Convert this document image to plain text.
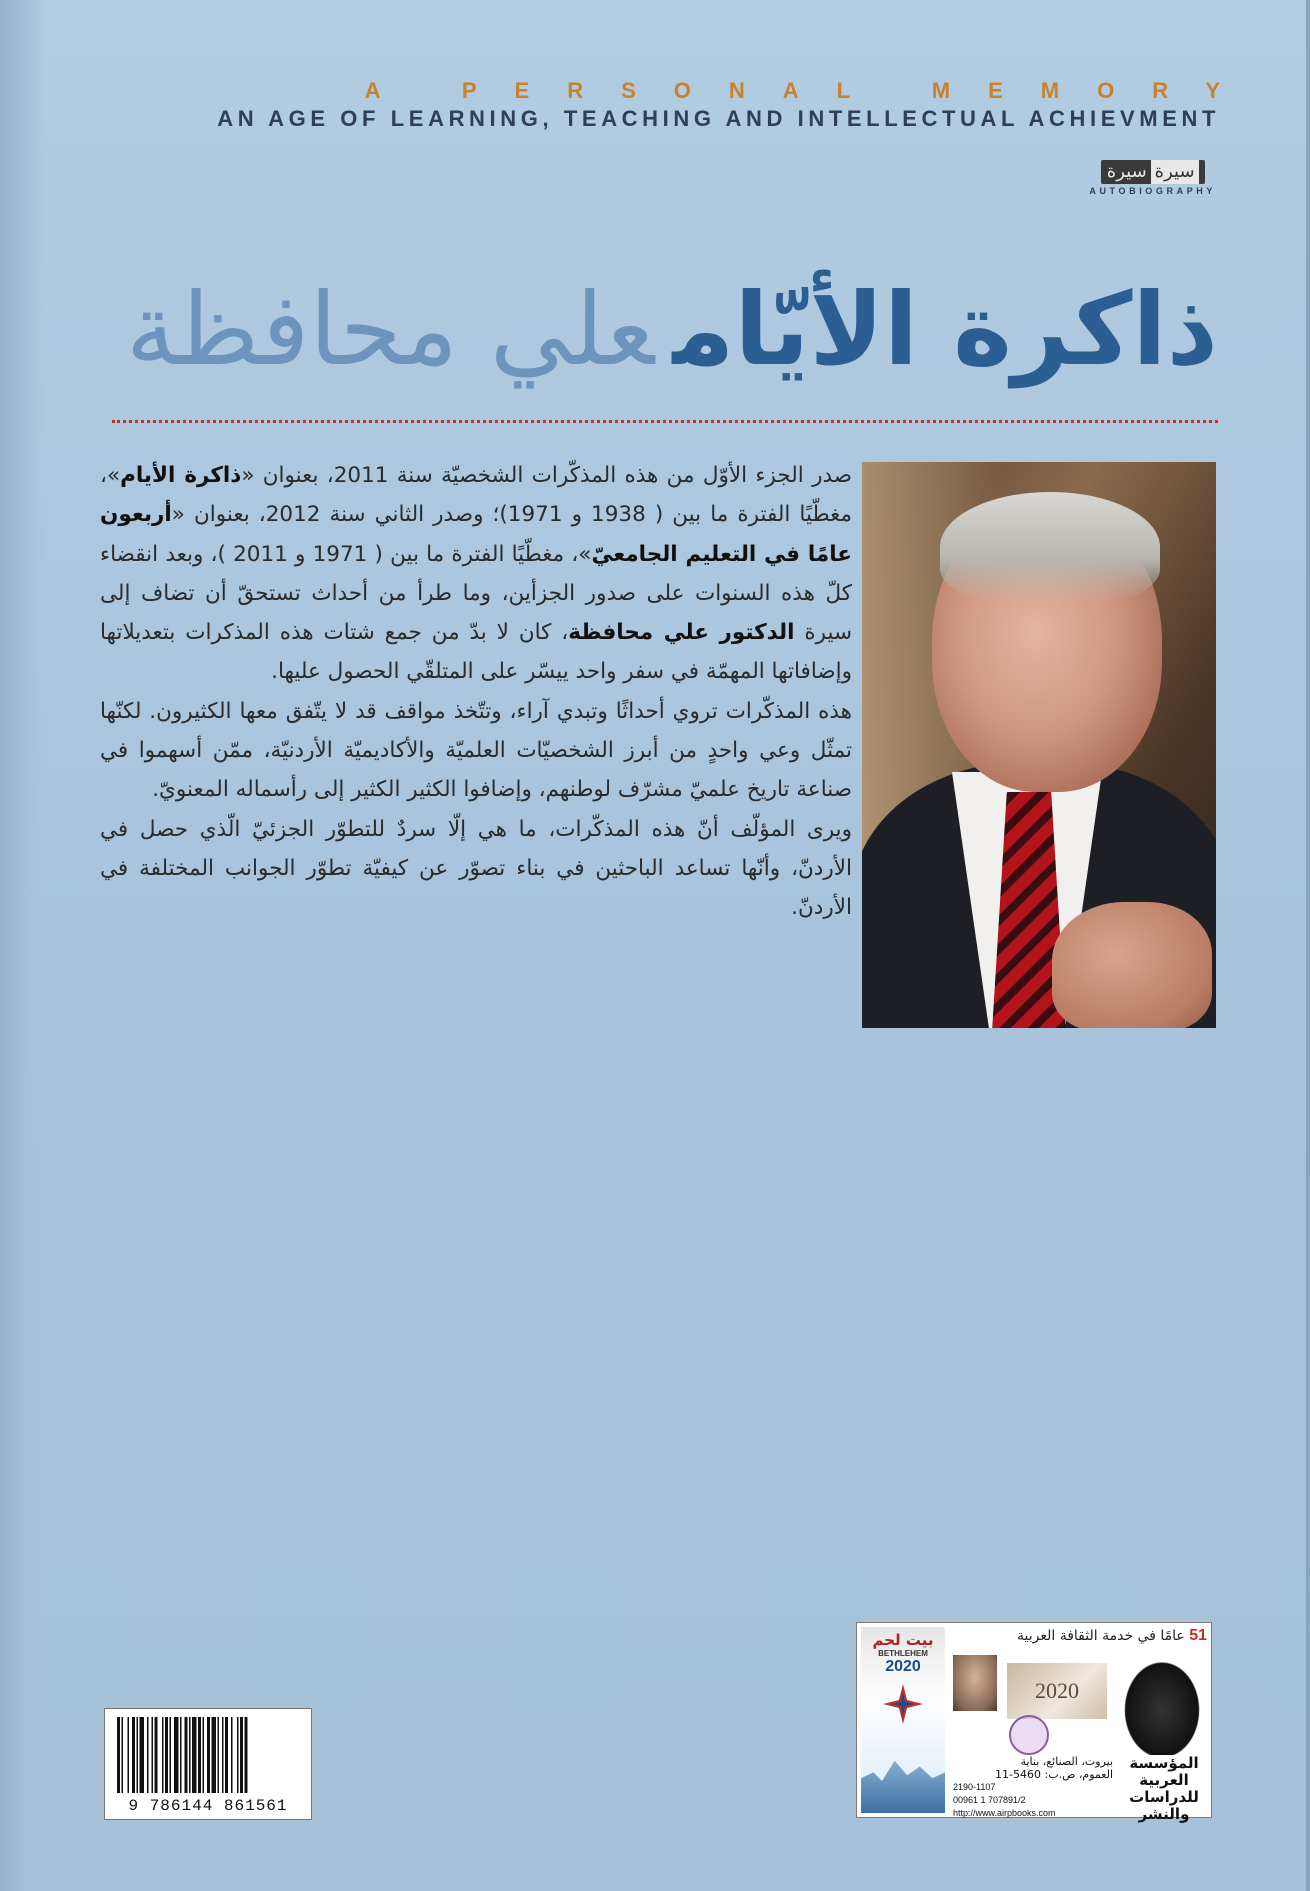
A PERSONAL MEMORY
AN AGE OF LEARNING, TEACHING AND INTELLECTUAL ACHIEVMENT
سيرةسيرة
AUTOBIOGRAPHY
ذاكرة الأيّامعلي محافظة

صدر الجزء الأوّل من هذه المذكّرات الشخصيّة سنة 2011، بعنوان «ذاكرة الأيام»، مغطّيًا الفترة ما بين ( 1938 و 1971)؛ وصدر الثاني سنة 2012، بعنوان «أربعون عامًا في التعليم الجامعيّ»، مغطّيًا الفترة ما بين ( 1971 و 2011 )، وبعد انقضاء كلّ هذه السنوات على صدور الجزأين، وما طرأ من أحداث تستحقّ أن تضاف إلى سيرة الدكتور علي محافظة، كان لا بدّ من جمع شتات هذه المذكرات بتعديلاتها وإضافاتها المهمّة في سفر واحد ييسّر على المتلقّي الحصول عليها.

هذه المذكّرات تروي أحداثًا وتبدي آراء، وتتّخذ مواقف قد لا يتّفق معها الكثيرون. لكنّها تمثّل وعي واحدٍ من أبرز الشخصيّات العلميّة والأكاديميّة الأردنيّة، ممّن أسهموا في صناعة تاريخ علميّ مشرّف لوطنهم، وإضافوا الكثير الكثير إلى رأسماله المعنويّ.

ويرى المؤلّف أنّ هذه المذكّرات، ما هي إلّا سردٌ للتطوّر الجزئيّ الّذي حصل في الأردنّ، وأنّها تساعد الباحثين في بناء تصوّر عن كيفيّة تطوّر الجوانب المختلفة في الأردنّ.

9 786144 861561
بيت لحم
BETHLEHEM
2020
51 عامًا في خدمة الثقافة العربية
2020
بيروت، الصنائع، بناية
العموم، ص.ب: 5460-11
2190-1107
00961 1 707891/2
http://www.airpbooks.com
المؤسسة العربية للدراسات والنشر
